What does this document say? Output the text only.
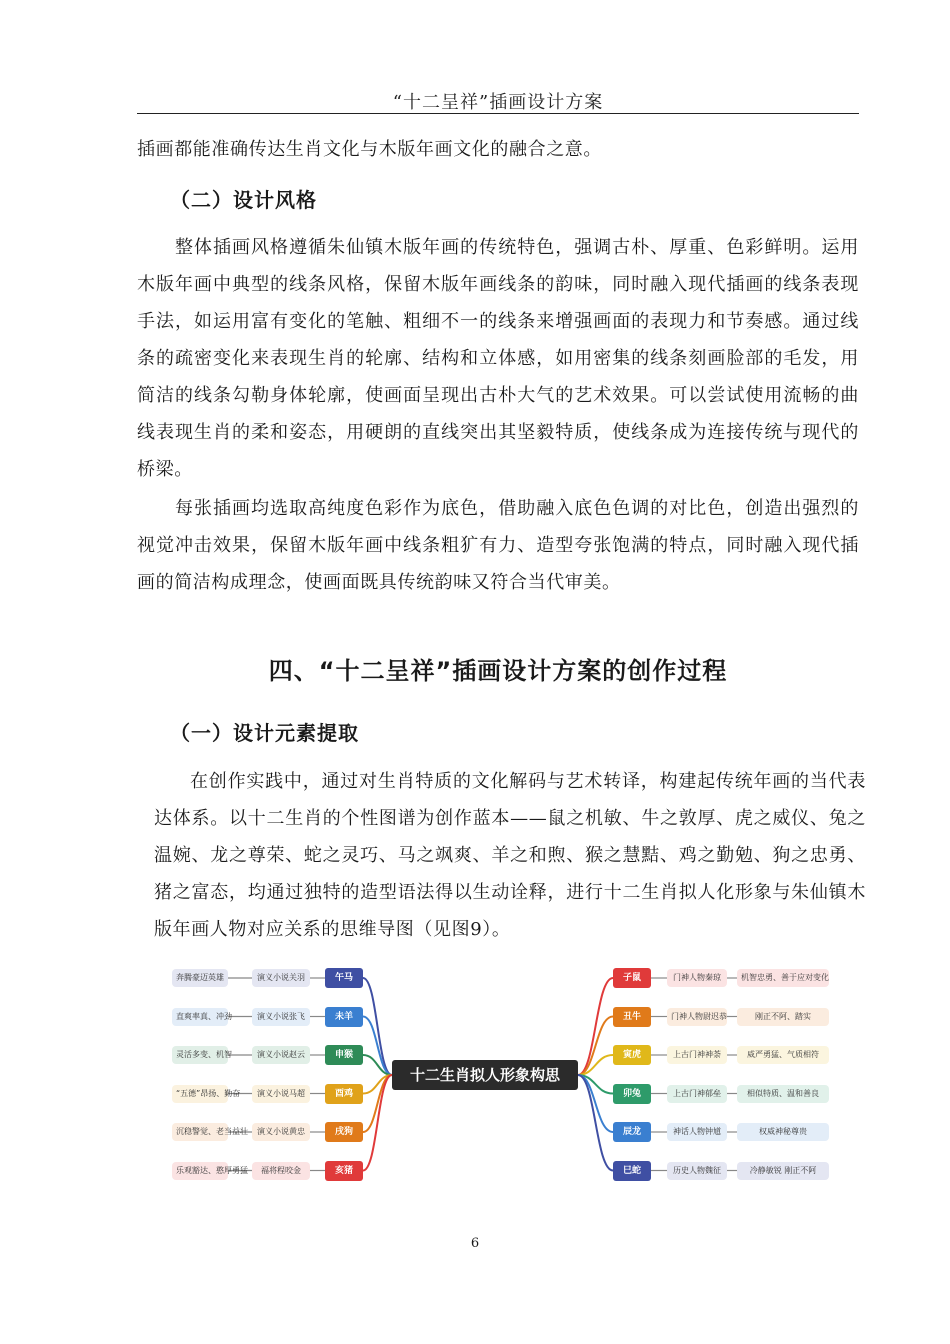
“十二呈祥”插画设计方案

插画都能准确传达生肖文化与木版年画文化的融合之意。

（二）设计风格

整体插画风格遵循朱仙镇木版年画的传统特色，强调古朴、厚重、色彩鲜明。运用木版年画中典型的线条风格，保留木版年画线条的韵味，同时融入现代插画的线条表现手法，如运用富有变化的笔触、粗细不一的线条来增强画面的表现力和节奏感。通过线条的疏密变化来表现生肖的轮廓、结构和立体感，如用密集的线条刻画脸部的毛发，用简洁的线条勾勒身体轮廓，使画面呈现出古朴大气的艺术效果。可以尝试使用流畅的曲线表现生肖的柔和姿态，用硬朗的直线突出其坚毅特质，使线条成为连接传统与现代的桥梁。

每张插画均选取高纯度色彩作为底色，借助融入底色色调的对比色，创造出强烈的视觉冲击效果，保留木版年画中线条粗犷有力、造型夸张饱满的特点，同时融入现代插画的简洁构成理念，使画面既具传统韵味又符合当代审美。

四、“十二呈祥”插画设计方案的创作过程
（一）设计元素提取

在创作实践中，通过对生肖特质的文化解码与艺术转译，构建起传统年画的当代表达体系。以十二生肖的个性图谱为创作蓝本——鼠之机敏、牛之敦厚、虎之威仪、兔之温婉、龙之尊荣、蛇之灵巧、马之飒爽、羊之和煦、猴之慧黠、鸡之勤勉、狗之忠勇、猪之富态，均通过独特的造型语法得以生动诠释，进行十二生肖拟人化形象与朱仙镇木版年画人物对应关系的思维导图（见图9）。

十二生肖拟人形象构思
奔腾豪迈英雄	演义小说关羽	午马
直爽率真、冲劲	演义小说张飞	未羊
灵活多变、机智	演义小说赵云	申猴
“五德”昂扬、勤奋	演义小说马超	酉鸡
沉稳警觉、老当益壮	演义小说黄忠	戌狗
乐观豁达、憨厚勇猛	福将程咬金	亥猪
子鼠	门神人物秦琼	机智忠勇、善于应对变化
丑牛	门神人物尉迟恭	刚正不阿、踏实
寅虎	上古门神神荼	威严勇猛、气质相符
卯兔	上古门神郁垒	相似特质、温和善良
辰龙	神话人物钟馗	权威神秘尊贵
巳蛇	历史人物魏征	冷静敏锐 刚正不阿
6
